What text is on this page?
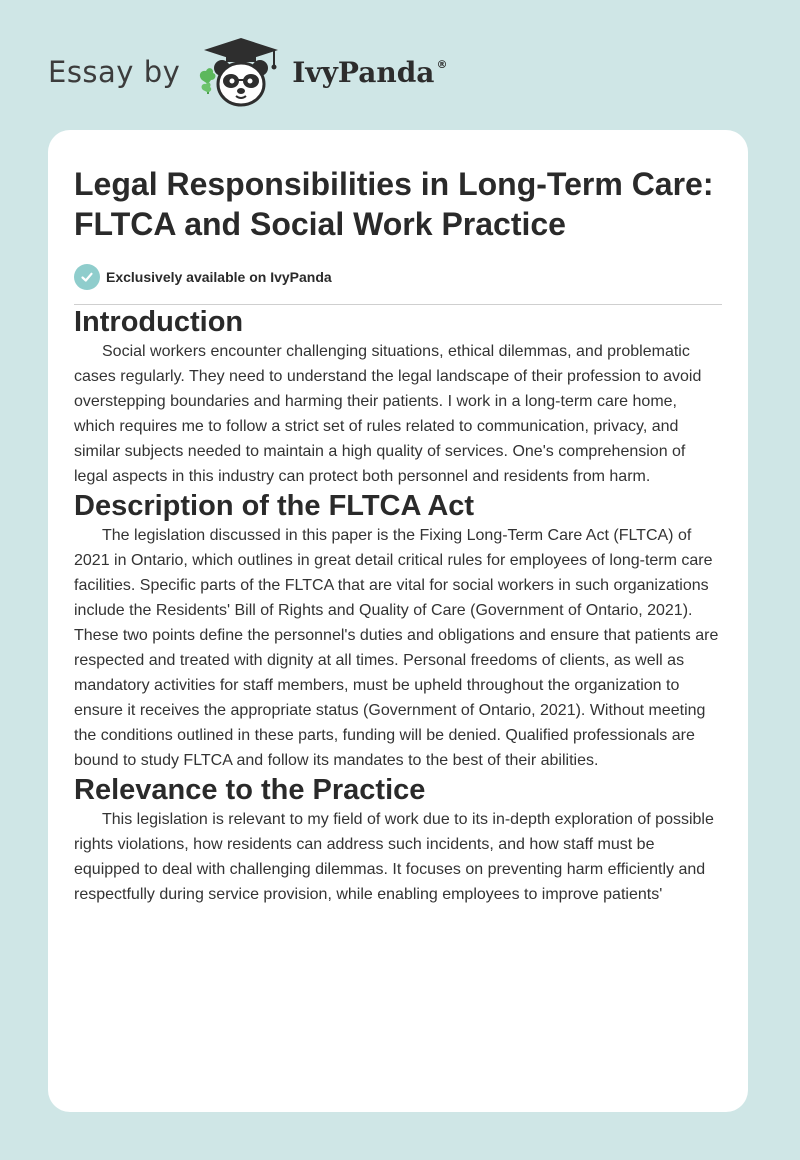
Essay by	IvyPanda ®
Legal Responsibilities in Long-Term Care: FLTCA and Social Work Practice
Exclusively available on IvyPanda
Introduction

Social workers encounter challenging situations, ethical dilemmas, and problematic cases regularly. They need to understand the legal landscape of their profession to avoid overstepping boundaries and harming their patients. I work in a long-term care home, which requires me to follow a strict set of rules related to communication, privacy, and similar subjects needed to maintain a high quality of services. One's comprehension of legal aspects in this industry can protect both personnel and residents from harm.

Description of the FLTCA Act

The legislation discussed in this paper is the Fixing Long-Term Care Act (FLTCA) of 2021 in Ontario, which outlines in great detail critical rules for employees of long-term care facilities. Specific parts of the FLTCA that are vital for social workers in such organizations include the Residents' Bill of Rights and Quality of Care (Government of Ontario, 2021). These two points define the personnel's duties and obligations and ensure that patients are respected and treated with dignity at all times. Personal freedoms of clients, as well as mandatory activities for staff members, must be upheld throughout the organization to ensure it receives the appropriate status (Government of Ontario, 2021). Without meeting the conditions outlined in these parts, funding will be denied. Qualified professionals are bound to study FLTCA and follow its mandates to the best of their abilities.

Relevance to the Practice

This legislation is relevant to my field of work due to its in-depth exploration of possible rights violations, how residents can address such incidents, and how staff must be equipped to deal with challenging dilemmas. It focuses on preventing harm efficiently and respectfully during service provision, while enabling employees to improve patients'
